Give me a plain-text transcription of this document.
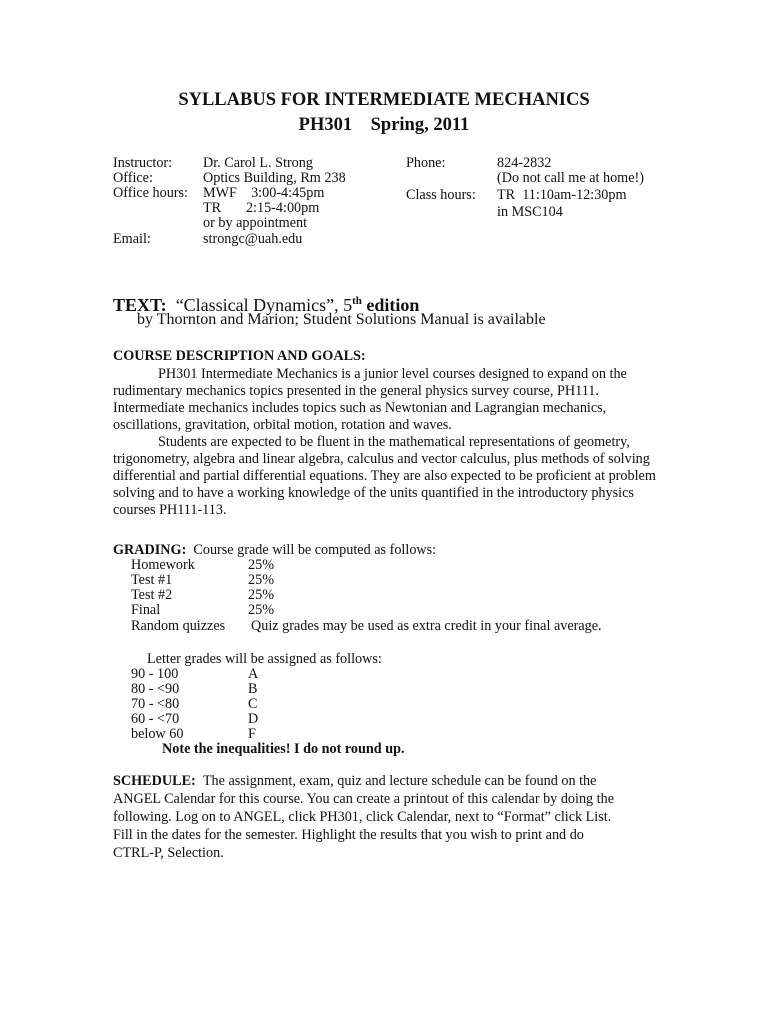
SYLLABUS FOR INTERMEDIATE MECHANICS
PH301    Spring, 2011
Instructor: Dr. Carol L. Strong
Office:	Optics Building, Rm 238
Office hours: MWF    3:00-4:45pm
TR       2:15-4:00pm
or by appointment
Email:	strongc@uah.edu
Phone:	824-2832
(Do not call me at home!)
Class hours: TR  11:10am-12:30pm
in MSC104
TEXT: “Classical Dynamics”, 5th edition
by Thornton and Marion; Student Solutions Manual is available
COURSE DESCRIPTION AND GOALS:

PH301 Intermediate Mechanics is a junior level courses designed to expand on the rudimentary mechanics topics presented in the general physics survey course, PH111. Intermediate mechanics includes topics such as Newtonian and Lagrangian mechanics, oscillations, gravitation, orbital motion, rotation and waves.

Students are expected to be fluent in the mathematical representations of geometry, trigonometry, algebra and linear algebra, calculus and vector calculus, plus methods of solving differential and partial differential equations. They are also expected to be proficient at problem solving and to have a working knowledge of the units quantified in the introductory physics courses PH111-113.

GRADING: Course grade will be computed as follows:
Homework	25%
Test #1	25%
Test #2	25%
Final	25%
Random quizzes Quiz grades may be used as extra credit in your final average.
Letter grades will be assigned as follows:
90 - 100	A
80 - <90	B
70 - <80	C
60 - <70	D
below 60	F
Note the inequalities! I do not round up.
SCHEDULE: The assignment, exam, quiz and lecture schedule can be found on the
ANGEL Calendar for this course. You can create a printout of this calendar by doing the
following. Log on to ANGEL, click PH301, click Calendar, next to “Format” click List.
Fill in the dates for the semester. Highlight the results that you wish to print and do
CTRL-P, Selection.
